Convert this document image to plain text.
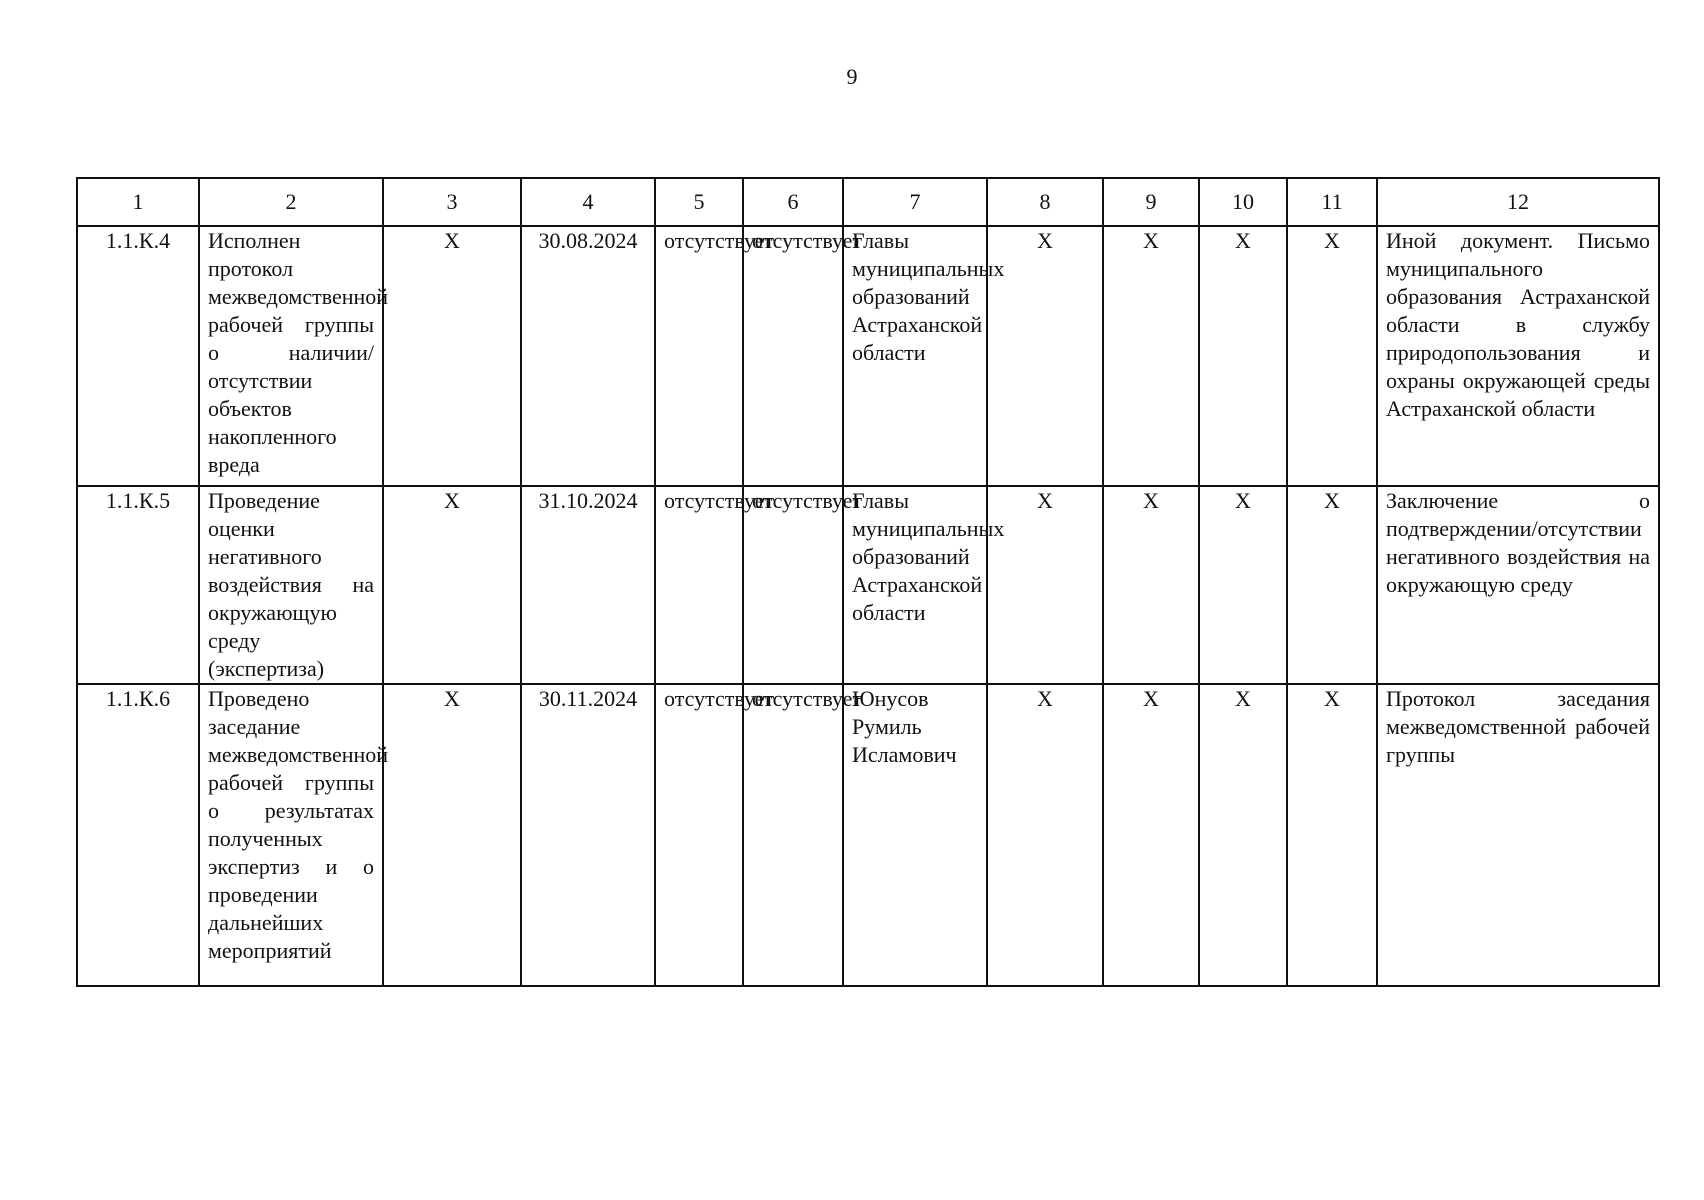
9
1	2	3	4	5	6	7	8	9	10	11	12
1.1.К.4	Исполнен протокол межведомственной рабочей группы о наличии/отсутствии объектов накопленного вреда	Х	30.08.2024	отсутствует	отсутствует	Главы муниципальных образований Астраханской области	Х	Х	Х	Х	Иной документ. Письмо муниципального образования Астраханской области в службу природопользования и охраны окружающей среды Астраханской области
1.1.К.5	Проведение оценки негативного воздействия на окружающую среду (экспертиза)	Х	31.10.2024	отсутствует	отсутствует	Главы муниципальных образований Астраханской области	Х	Х	Х	Х	Заключение о подтверждении/отсутствии негативного воздействия на окружающую среду
1.1.К.6	Проведено заседание межведомственной рабочей группы о результатах полученных экспертиз и о проведении дальнейших мероприятий	Х	30.11.2024	отсутствует	отсутствует	Юнусов Румиль Исламович	Х	Х	Х	Х	Протокол заседания межведомственной рабочей группы
